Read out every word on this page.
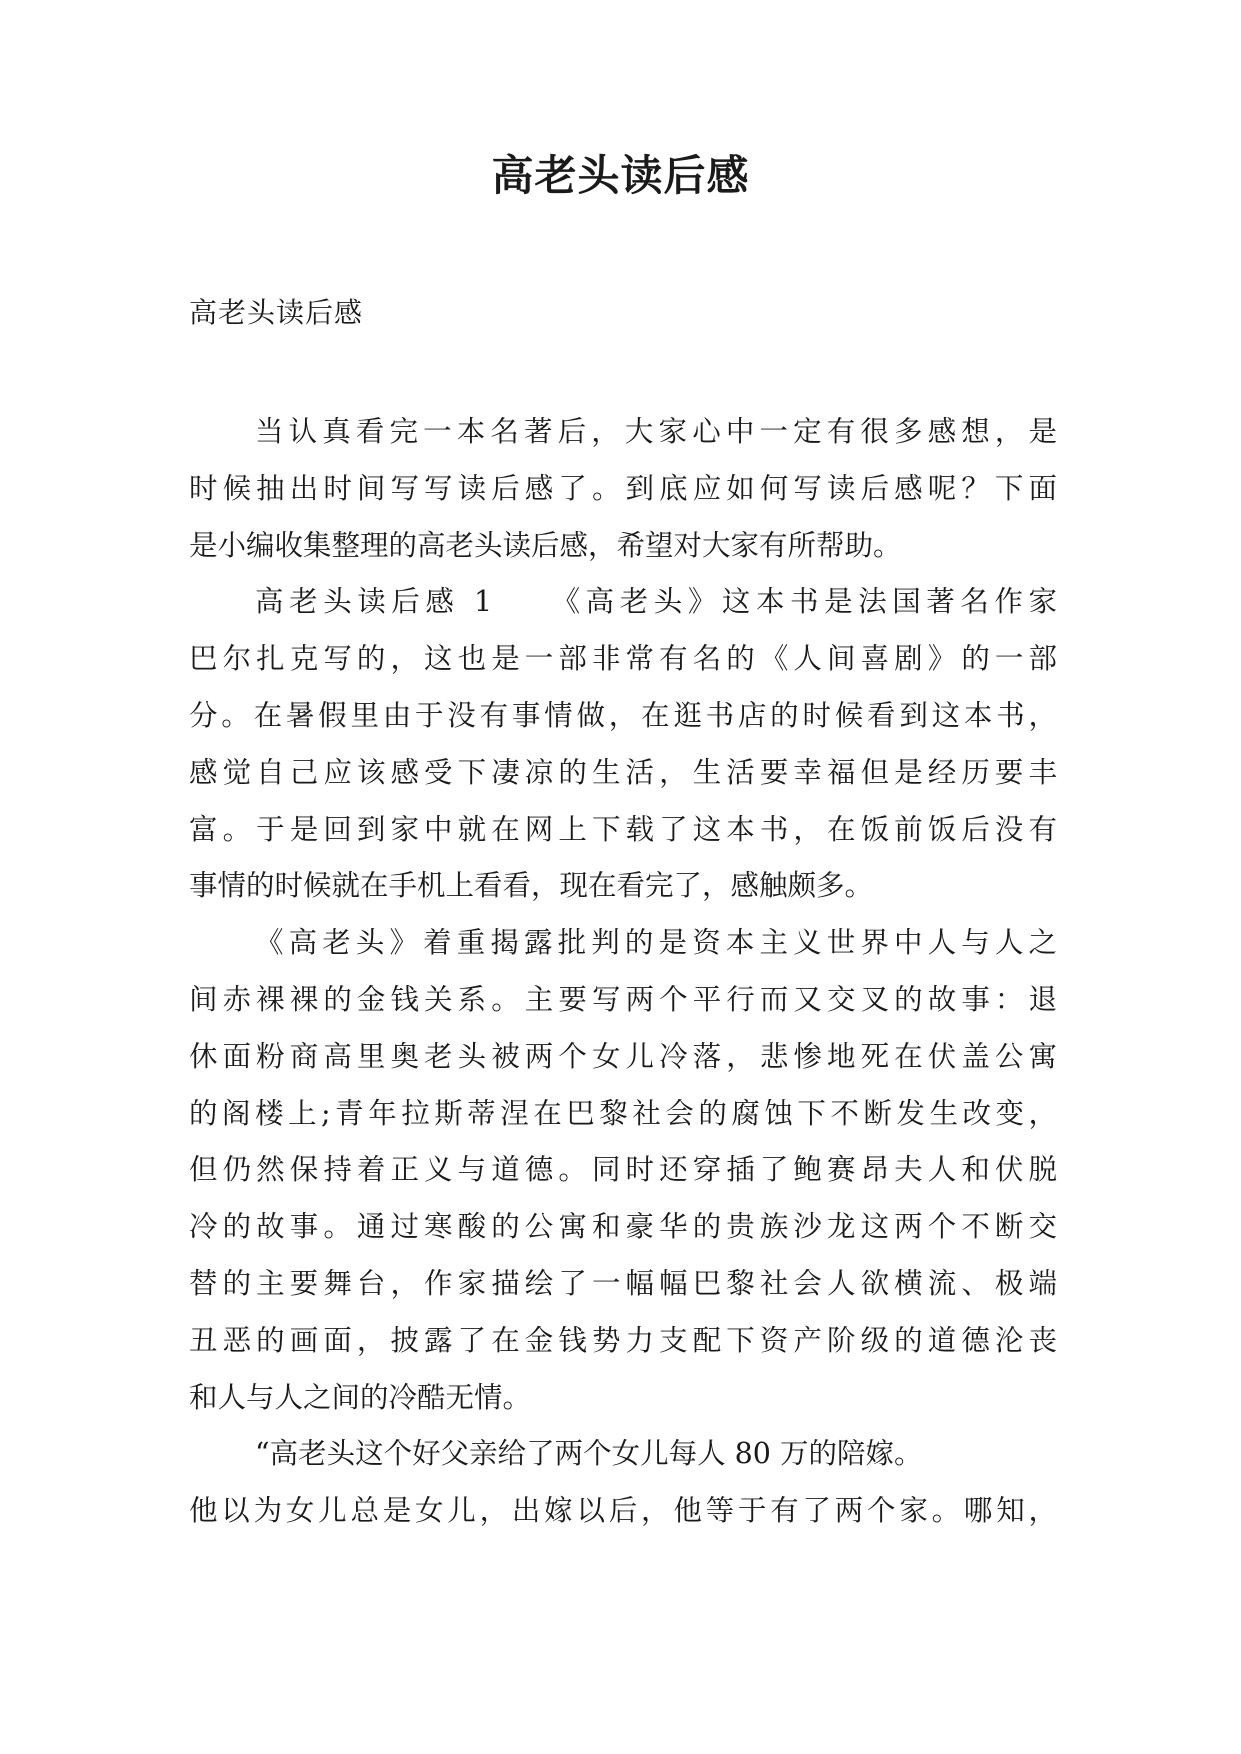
高老头读后感
高老头读后感
当认真看完一本名著后，大家心中一定有很多感想，是
时候抽出时间写写读后感了。到底应如何写读后感呢？下面
是小编收集整理的高老头读后感，希望对大家有所帮助。
高老头读后感 1　　《高老头》这本书是法国著名作家
巴尔扎克写的，这也是一部非常有名的《人间喜剧》的一部
分。在暑假里由于没有事情做，在逛书店的时候看到这本书，
感觉自己应该感受下凄凉的生活，生活要幸福但是经历要丰
富。于是回到家中就在网上下载了这本书，在饭前饭后没有
事情的时候就在手机上看看，现在看完了，感触颇多。
《高老头》着重揭露批判的是资本主义世界中人与人之
间赤裸裸的金钱关系。主要写两个平行而又交叉的故事：退
休面粉商高里奥老头被两个女儿冷落，悲惨地死在伏盖公寓
的阁楼上;青年拉斯蒂涅在巴黎社会的腐蚀下不断发生改变，
但仍然保持着正义与道德。同时还穿插了鲍赛昂夫人和伏脱
冷的故事。通过寒酸的公寓和豪华的贵族沙龙这两个不断交
替的主要舞台，作家描绘了一幅幅巴黎社会人欲横流、极端
丑恶的画面，披露了在金钱势力支配下资产阶级的道德沦丧
和人与人之间的冷酷无情。
“高老头这个好父亲给了两个女儿每人 80 万的陪嫁。
他以为女儿总是女儿，出嫁以后，他等于有了两个家。哪知，
